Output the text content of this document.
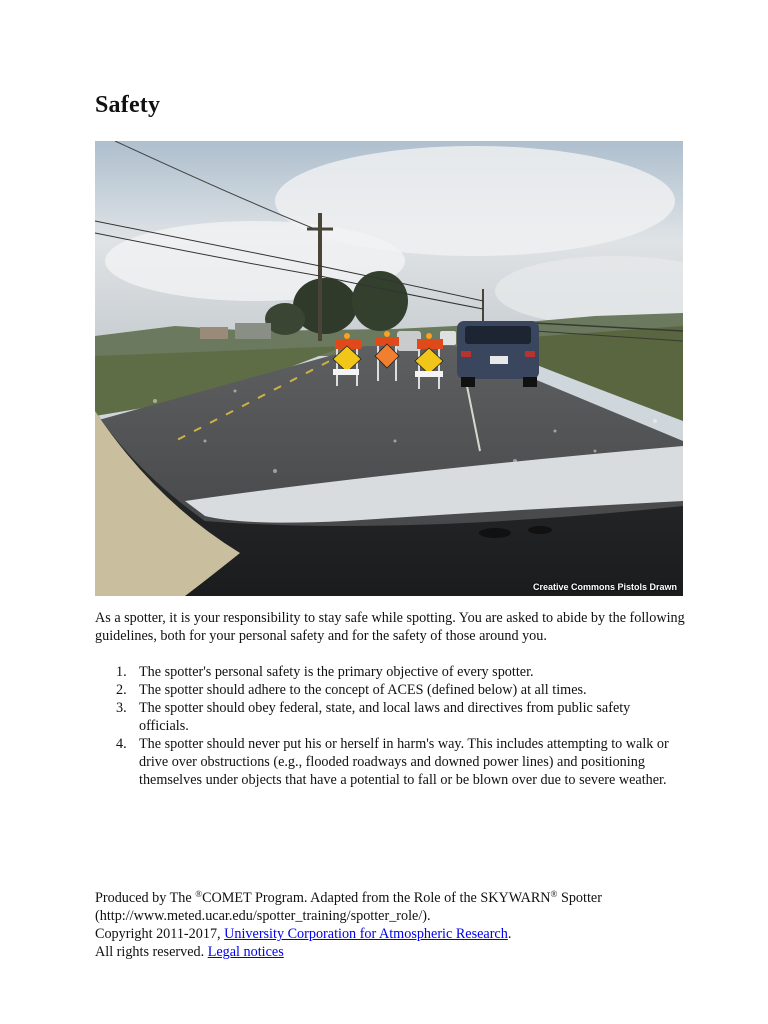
Safety
Creative Commons Pistols Drawn

As a spotter, it is your responsibility to stay safe while spotting. You are asked to abide by the following guidelines, both for your personal safety and for the safety of those around you.

1. The spotter's personal safety is the primary objective of every spotter.
2. The spotter should adhere to the concept of ACES (defined below) at all times.
3. The spotter should obey federal, state, and local laws and directives from public safety officials.
4. The spotter should never put his or herself in harm's way. This includes attempting to walk or drive over obstructions (e.g., flooded roadways and downed power lines) and positioning themselves under objects that have a potential to fall or be blown over due to severe weather.

Produced by The ®COMET Program. Adapted from the Role of the SKYWARN® Spotter

(http://www.meted.ucar.edu/spotter_training/spotter_role/).

Copyright 2011-2017, University Corporation for Atmospheric Research.

All rights reserved. Legal notices
